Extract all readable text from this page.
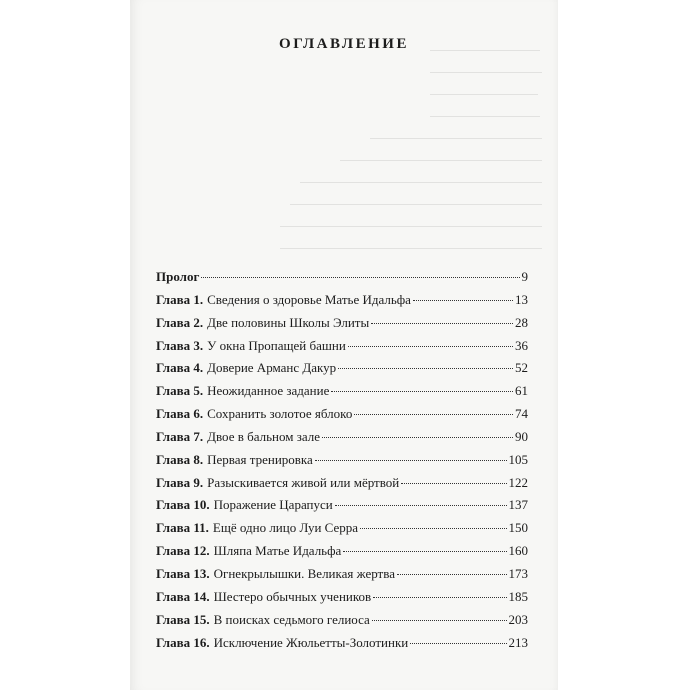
ОГЛАВЛЕНИЕ
Пролог	9
Глава 1. Сведения о здоровье Матье Идальфа	13
Глава 2. Две половины Школы Элиты	28
Глава 3. У окна Пропащей башни	36
Глава 4. Доверие Арманс Дакур	52
Глава 5. Неожиданное задание	61
Глава 6. Сохранить золотое яблоко	74
Глава 7. Двое в бальном зале	90
Глава 8. Первая тренировка	105
Глава 9. Разыскивается живой или мёртвой	122
Глава 10. Поражение Царапуси	137
Глава 11. Ещё одно лицо Луи Серра	150
Глава 12. Шляпа Матье Идальфа	160
Глава 13. Огнекрылышки. Великая жертва	173
Глава 14. Шестеро обычных учеников	185
Глава 15. В поисках седьмого гелиоса	203
Глава 16. Исключение Жюльетты-Золотинки	213
